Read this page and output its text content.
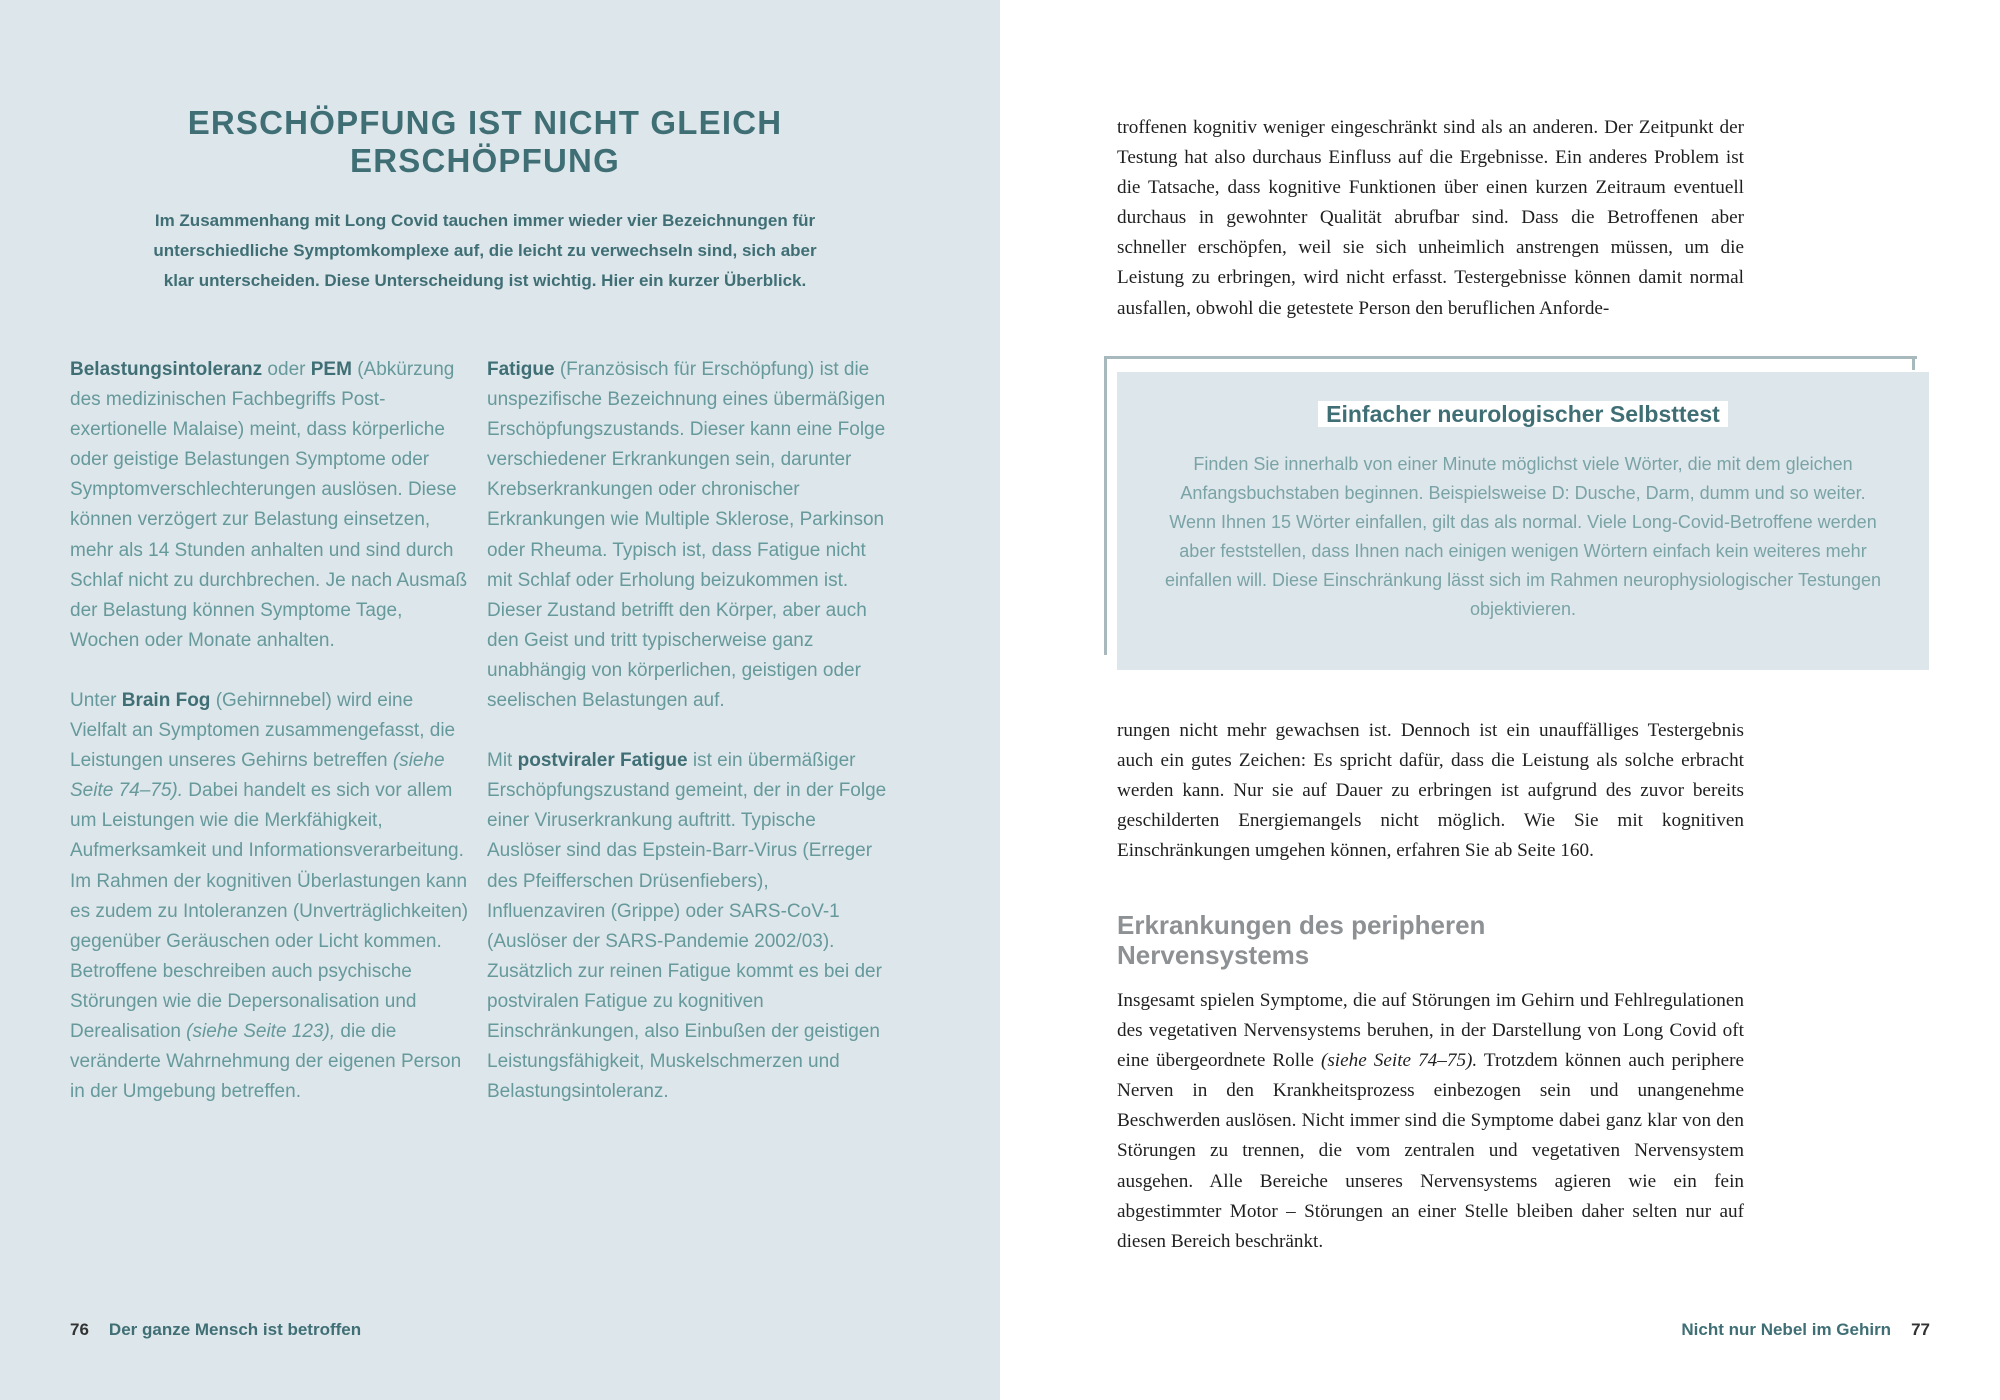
ERSCHÖPFUNG IST NICHT GLEICH
ERSCHÖPFUNG

Im Zusammenhang mit Long Covid tauchen immer wieder vier Bezeichnungen für unterschiedliche Symptomkomplexe auf, die leicht zu verwechseln sind, sich aber klar unterscheiden. Diese Unterscheidung ist wichtig. Hier ein kurzer Überblick.

Belastungsintoleranz oder PEM (Abkürzung des medizinischen Fachbegriffs Post-exertionelle Malaise) meint, dass körperliche oder geistige Belastungen Symptome oder Symptomverschlechterungen auslösen. Diese können verzögert zur Belastung einsetzen, mehr als 14 Stunden anhalten und sind durch Schlaf nicht zu durchbrechen. Je nach Ausmaß der Belastung können Symptome Tage, Wochen oder Monate anhalten.

Unter Brain Fog (Gehirnnebel) wird eine Vielfalt an Symptomen zusammengefasst, die Leistungen unseres Gehirns betreffen (siehe Seite 74–75). Dabei handelt es sich vor allem um Leistungen wie die Merkfähigkeit, Aufmerksamkeit und Informationsverarbeitung. Im Rahmen der kognitiven Überlastungen kann es zudem zu Intoleranzen (Unverträglichkeiten) gegenüber Geräuschen oder Licht kommen. Betroffene beschreiben auch psychische Störungen wie die Depersonalisation und Derealisation (siehe Seite 123), die die veränderte Wahrnehmung der eigenen Person in der Umgebung betreffen.

Fatigue (Französisch für Erschöpfung) ist die unspezifische Bezeichnung eines übermäßigen Erschöpfungszustands. Dieser kann eine Folge verschiedener Erkrankungen sein, darunter Krebserkrankungen oder chronischer Erkrankungen wie Multiple Sklerose, Parkinson oder Rheuma. Typisch ist, dass Fatigue nicht mit Schlaf oder Erholung beizukommen ist. Dieser Zustand betrifft den Körper, aber auch den Geist und tritt typischerweise ganz unabhängig von körperlichen, geistigen oder seelischen Belastungen auf.

Mit postviraler Fatigue ist ein übermäßiger Erschöpfungszustand gemeint, der in der Folge einer Viruserkrankung auftritt. Typische Auslöser sind das Epstein-Barr-Virus (Erreger des Pfeifferschen Drüsenfiebers), Influenzaviren (Grippe) oder SARS-CoV-1 (Auslöser der SARS-Pandemie 2002/03). Zusätzlich zur reinen Fatigue kommt es bei der postviralen Fatigue zu kognitiven Einschränkungen, also Einbußen der geistigen Leistungsfähigkeit, Muskelschmerzen und Belastungsintoleranz.

76 Der ganze Mensch ist betroffen

troffenen kognitiv weniger eingeschränkt sind als an anderen. Der Zeitpunkt der Testung hat also durchaus Einfluss auf die Ergebnisse. Ein anderes Problem ist die Tatsache, dass kognitive Funktionen über einen kurzen Zeitraum eventuell durchaus in gewohnter Qualität abrufbar sind. Dass die Betroffenen aber schneller erschöpfen, weil sie sich unheimlich anstrengen müssen, um die Leistung zu erbringen, wird nicht erfasst. Testergebnisse können damit normal ausfallen, obwohl die getestete Person den beruflichen Anforde-

Einfacher neurologischer Selbsttest

Finden Sie innerhalb von einer Minute möglichst viele Wörter, die mit dem gleichen Anfangsbuchstaben beginnen. Beispielsweise D: Dusche, Darm, dumm und so weiter. Wenn Ihnen 15 Wörter einfallen, gilt das als normal. Viele Long-Covid-Betroffene werden aber feststellen, dass Ihnen nach einigen wenigen Wörtern einfach kein weiteres mehr einfallen will. Diese Einschränkung lässt sich im Rahmen neurophysiologischer Testungen objektivieren.

rungen nicht mehr gewachsen ist. Dennoch ist ein unauffälliges Testergebnis auch ein gutes Zeichen: Es spricht dafür, dass die Leistung als solche erbracht werden kann. Nur sie auf Dauer zu erbringen ist aufgrund des zuvor bereits geschilderten Energiemangels nicht möglich. Wie Sie mit kognitiven Einschränkungen umgehen können, erfahren Sie ab Seite 160.

Erkrankungen des peripheren
Nervensystems

Insgesamt spielen Symptome, die auf Störungen im Gehirn und Fehlregulationen des vegetativen Nervensystems beruhen, in der Darstellung von Long Covid oft eine übergeordnete Rolle (siehe Seite 74–75). Trotzdem können auch periphere Nerven in den Krankheitsprozess einbezogen sein und unangenehme Beschwerden auslösen. Nicht immer sind die Symptome dabei ganz klar von den Störungen zu trennen, die vom zentralen und vegetativen Nervensystem ausgehen. Alle Bereiche unseres Nervensystems agieren wie ein fein abgestimmter Motor – Störungen an einer Stelle bleiben daher selten nur auf diesen Bereich beschränkt.

Nicht nur Nebel im Gehirn 77
